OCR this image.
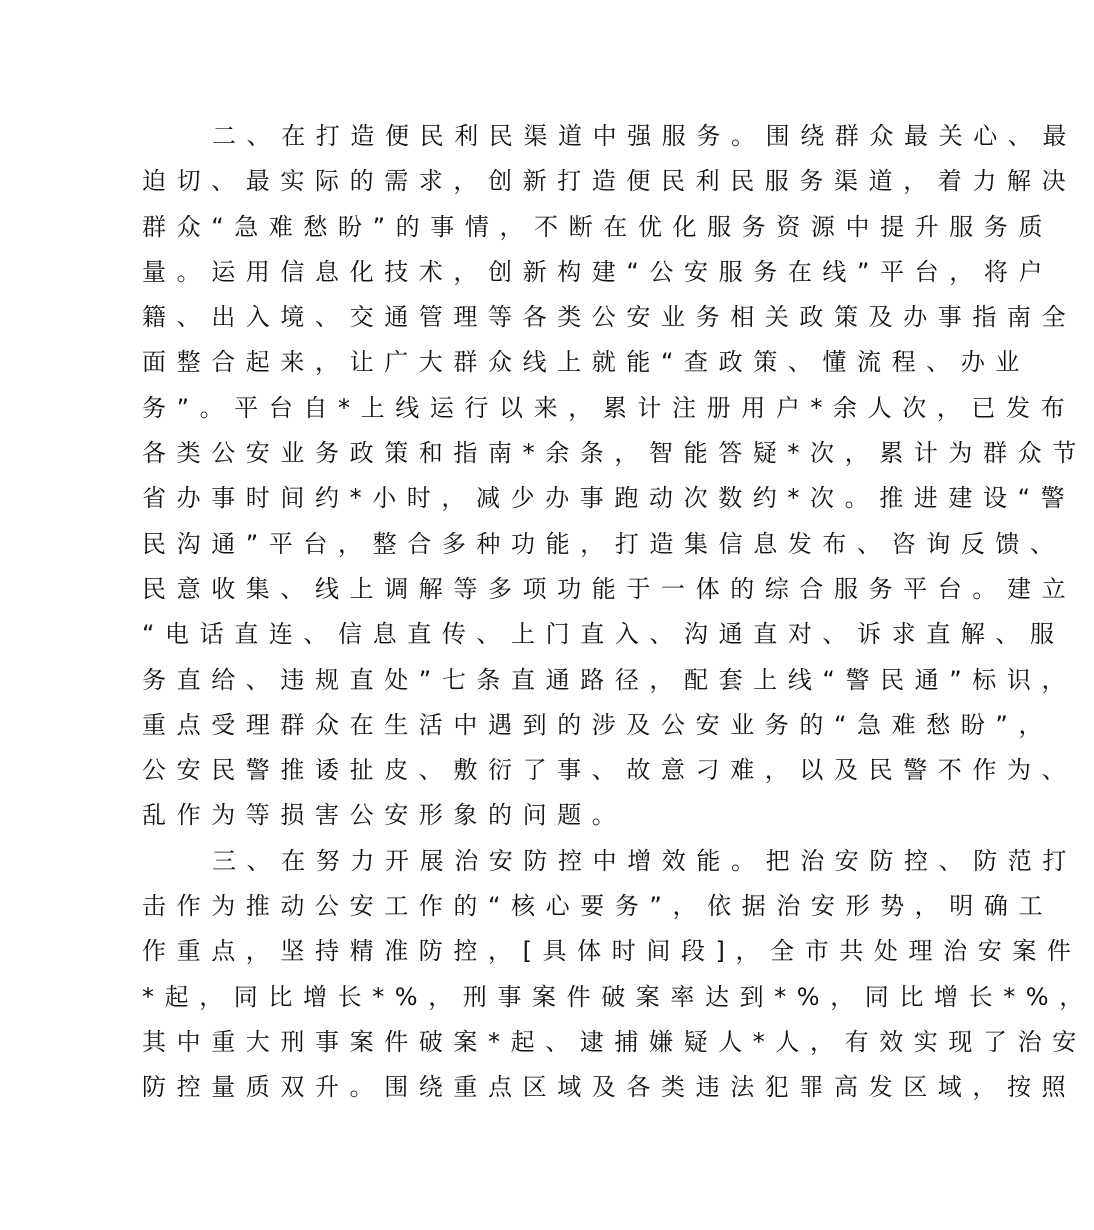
二、在打造便民利民渠道中强服务。围绕群众最关心、最
迫切、最实际的需求，创新打造便民利民服务渠道，着力解决
群众“急难愁盼”的事情，不断在优化服务资源中提升服务质
量。运用信息化技术，创新构建“公安服务在线”平台，将户
籍、出入境、交通管理等各类公安业务相关政策及办事指南全
面整合起来，让广大群众线上就能“查政策、懂流程、办业
务”。平台自*上线运行以来，累计注册用户*余人次，已发布
各类公安业务政策和指南*余条，智能答疑*次，累计为群众节
省办事时间约*小时，减少办事跑动次数约*次。推进建设“警
民沟通”平台，整合多种功能，打造集信息发布、咨询反馈、
民意收集、线上调解等多项功能于一体的综合服务平台。建立
“电话直连、信息直传、上门直入、沟通直对、诉求直解、服
务直给、违规直处”七条直通路径，配套上线“警民通”标识，
重点受理群众在生活中遇到的涉及公安业务的“急难愁盼”，
公安民警推诿扯皮、敷衍了事、故意刁难，以及民警不作为、
乱作为等损害公安形象的问题。
三、在努力开展治安防控中增效能。把治安防控、防范打
击作为推动公安工作的“核心要务”，依据治安形势，明确工
作重点，坚持精准防控，[具体时间段]，全市共处理治安案件
*起，同比增长*%，刑事案件破案率达到*%，同比增长*%，
其中重大刑事案件破案*起、逮捕嫌疑人*人，有效实现了治安
防控量质双升。围绕重点区域及各类违法犯罪高发区域，按照
